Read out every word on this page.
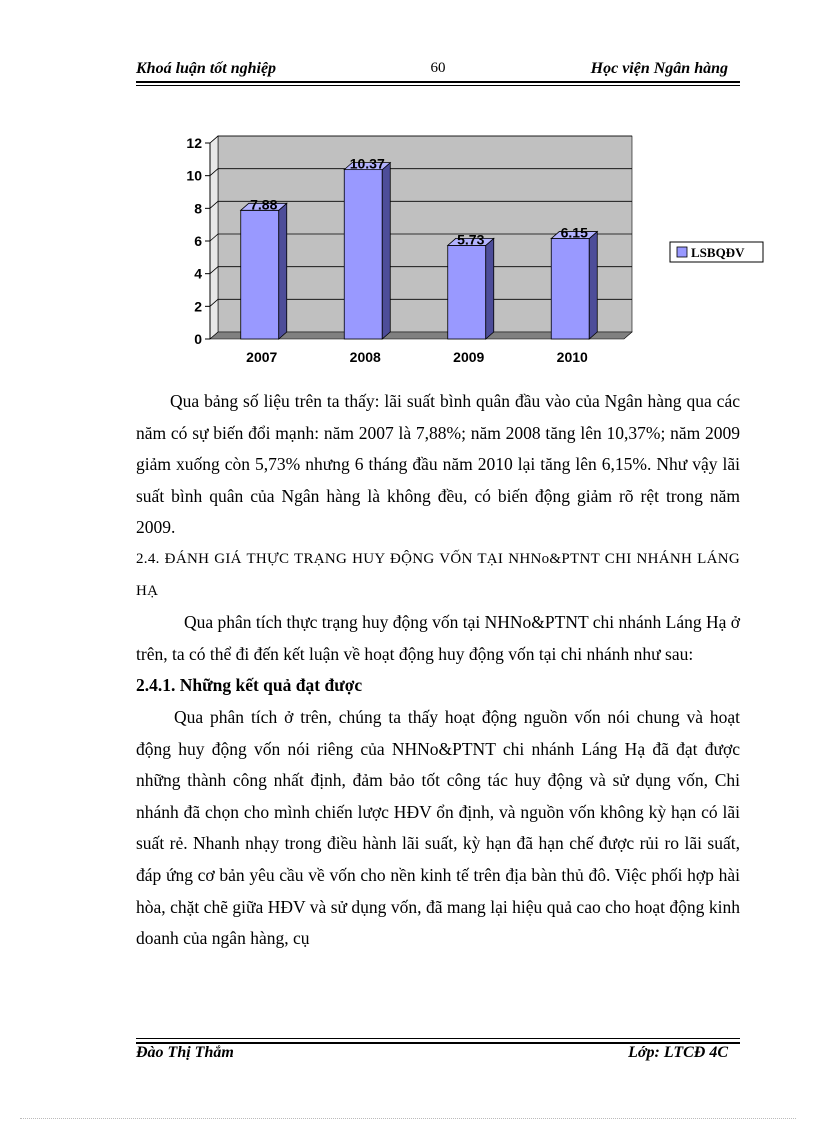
Khoá luận tốt nghiệp	60	Học viện Ngân hàng
0
2
4
6
8
10
12
7.88
2007
10.37
2008
5.73
2009
6.15
2010
LSBQĐV

Qua bảng số liệu trên ta thấy: lãi suất bình quân đầu vào của Ngân hàng qua các năm có sự biến đổi mạnh: năm 2007 là 7,88%; năm 2008 tăng lên 10,37%; năm 2009 giảm xuống còn 5,73% nhưng 6 tháng đầu năm 2010 lại tăng lên 6,15%. Như vậy lãi suất bình quân của Ngân hàng là không đều, có biến động giảm rõ rệt trong năm 2009.

2.4. ĐÁNH GIÁ THỰC TRẠNG HUY ĐỘNG VỐN TẠI NHNo&PTNT CHI NHÁNH LÁNG HẠ

Qua phân tích thực trạng huy động vốn tại NHNo&PTNT chi nhánh Láng Hạ ở trên, ta có thể đi đến kết luận về hoạt động huy động vốn tại chi nhánh như sau:

2.4.1. Những kết quả đạt được

Qua phân tích ở trên, chúng ta thấy hoạt động nguồn vốn nói chung và hoạt động huy động vốn nói riêng của NHNo&PTNT chi nhánh Láng Hạ đã đạt được những thành công nhất định, đảm bảo tốt công tác huy động và sử dụng vốn, Chi nhánh đã chọn cho mình chiến lược HĐV ổn định, và nguồn vốn không kỳ hạn có lãi suất rẻ. Nhanh nhạy trong điều hành lãi suất, kỳ hạn đã hạn chế được rủi ro lãi suất, đáp ứng cơ bản yêu cầu về vốn cho nền kinh tế trên địa bàn thủ đô. Việc phối hợp hài hòa, chặt chẽ giữa HĐV và sử dụng vốn, đã mang lại hiệu quả cao cho hoạt động kinh doanh của ngân hàng, cụ

Đào Thị Thắm	Lớp: LTCĐ 4C
